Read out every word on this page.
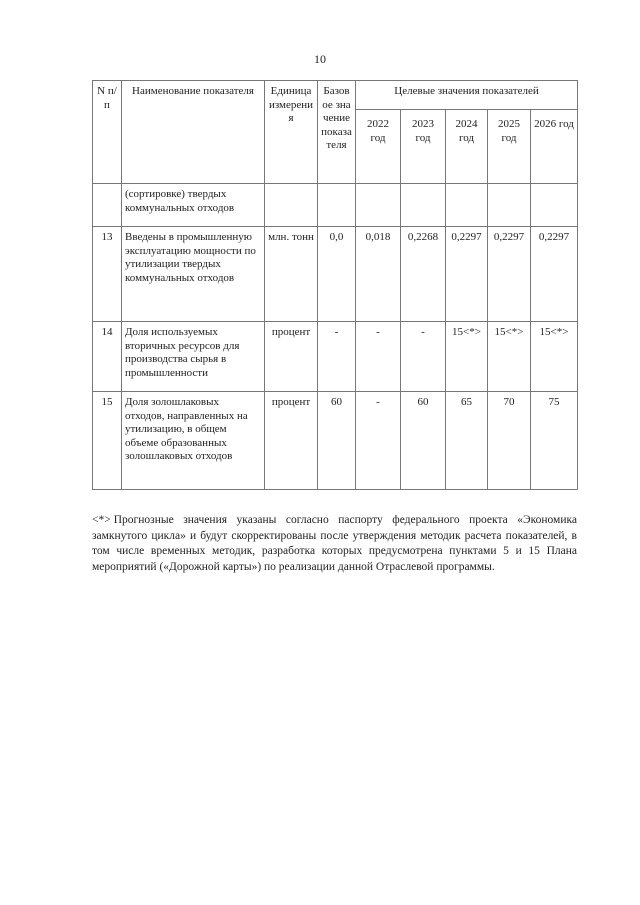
10
N п/п	Наименование показателя	Единица измерения	Базовое значение показателя	Целевые значения показателей				
				2022 год	2023 год	2024 год	2025 год	2026 год
	(сортировке) твердых коммунальных отходов							
13	Введены в промышленную эксплуатацию мощности по утилизации твердых коммунальных отходов	млн. тонн	0,0	0,018	0,2268	0,2297	0,2297	0,2297
14	Доля используемых вторичных ресурсов для производства сырья в промышленности	процент	-	-	-	15<*>	15<*>	15<*>
15	Доля золошлаковых отходов, направленных на утилизацию, в общем объеме образованных золошлаковых отходов	процент	60	-	60	65	70	75
<*> Прогнозные значения указаны согласно паспорту федерального проекта «Экономика замкнутого цикла» и будут скорректированы после утверждения методик расчета показателей, в том числе временных методик, разработка которых предусмотрена пунктами 5 и 15 Плана мероприятий («Дорожной карты») по реализации данной Отраслевой программы.
